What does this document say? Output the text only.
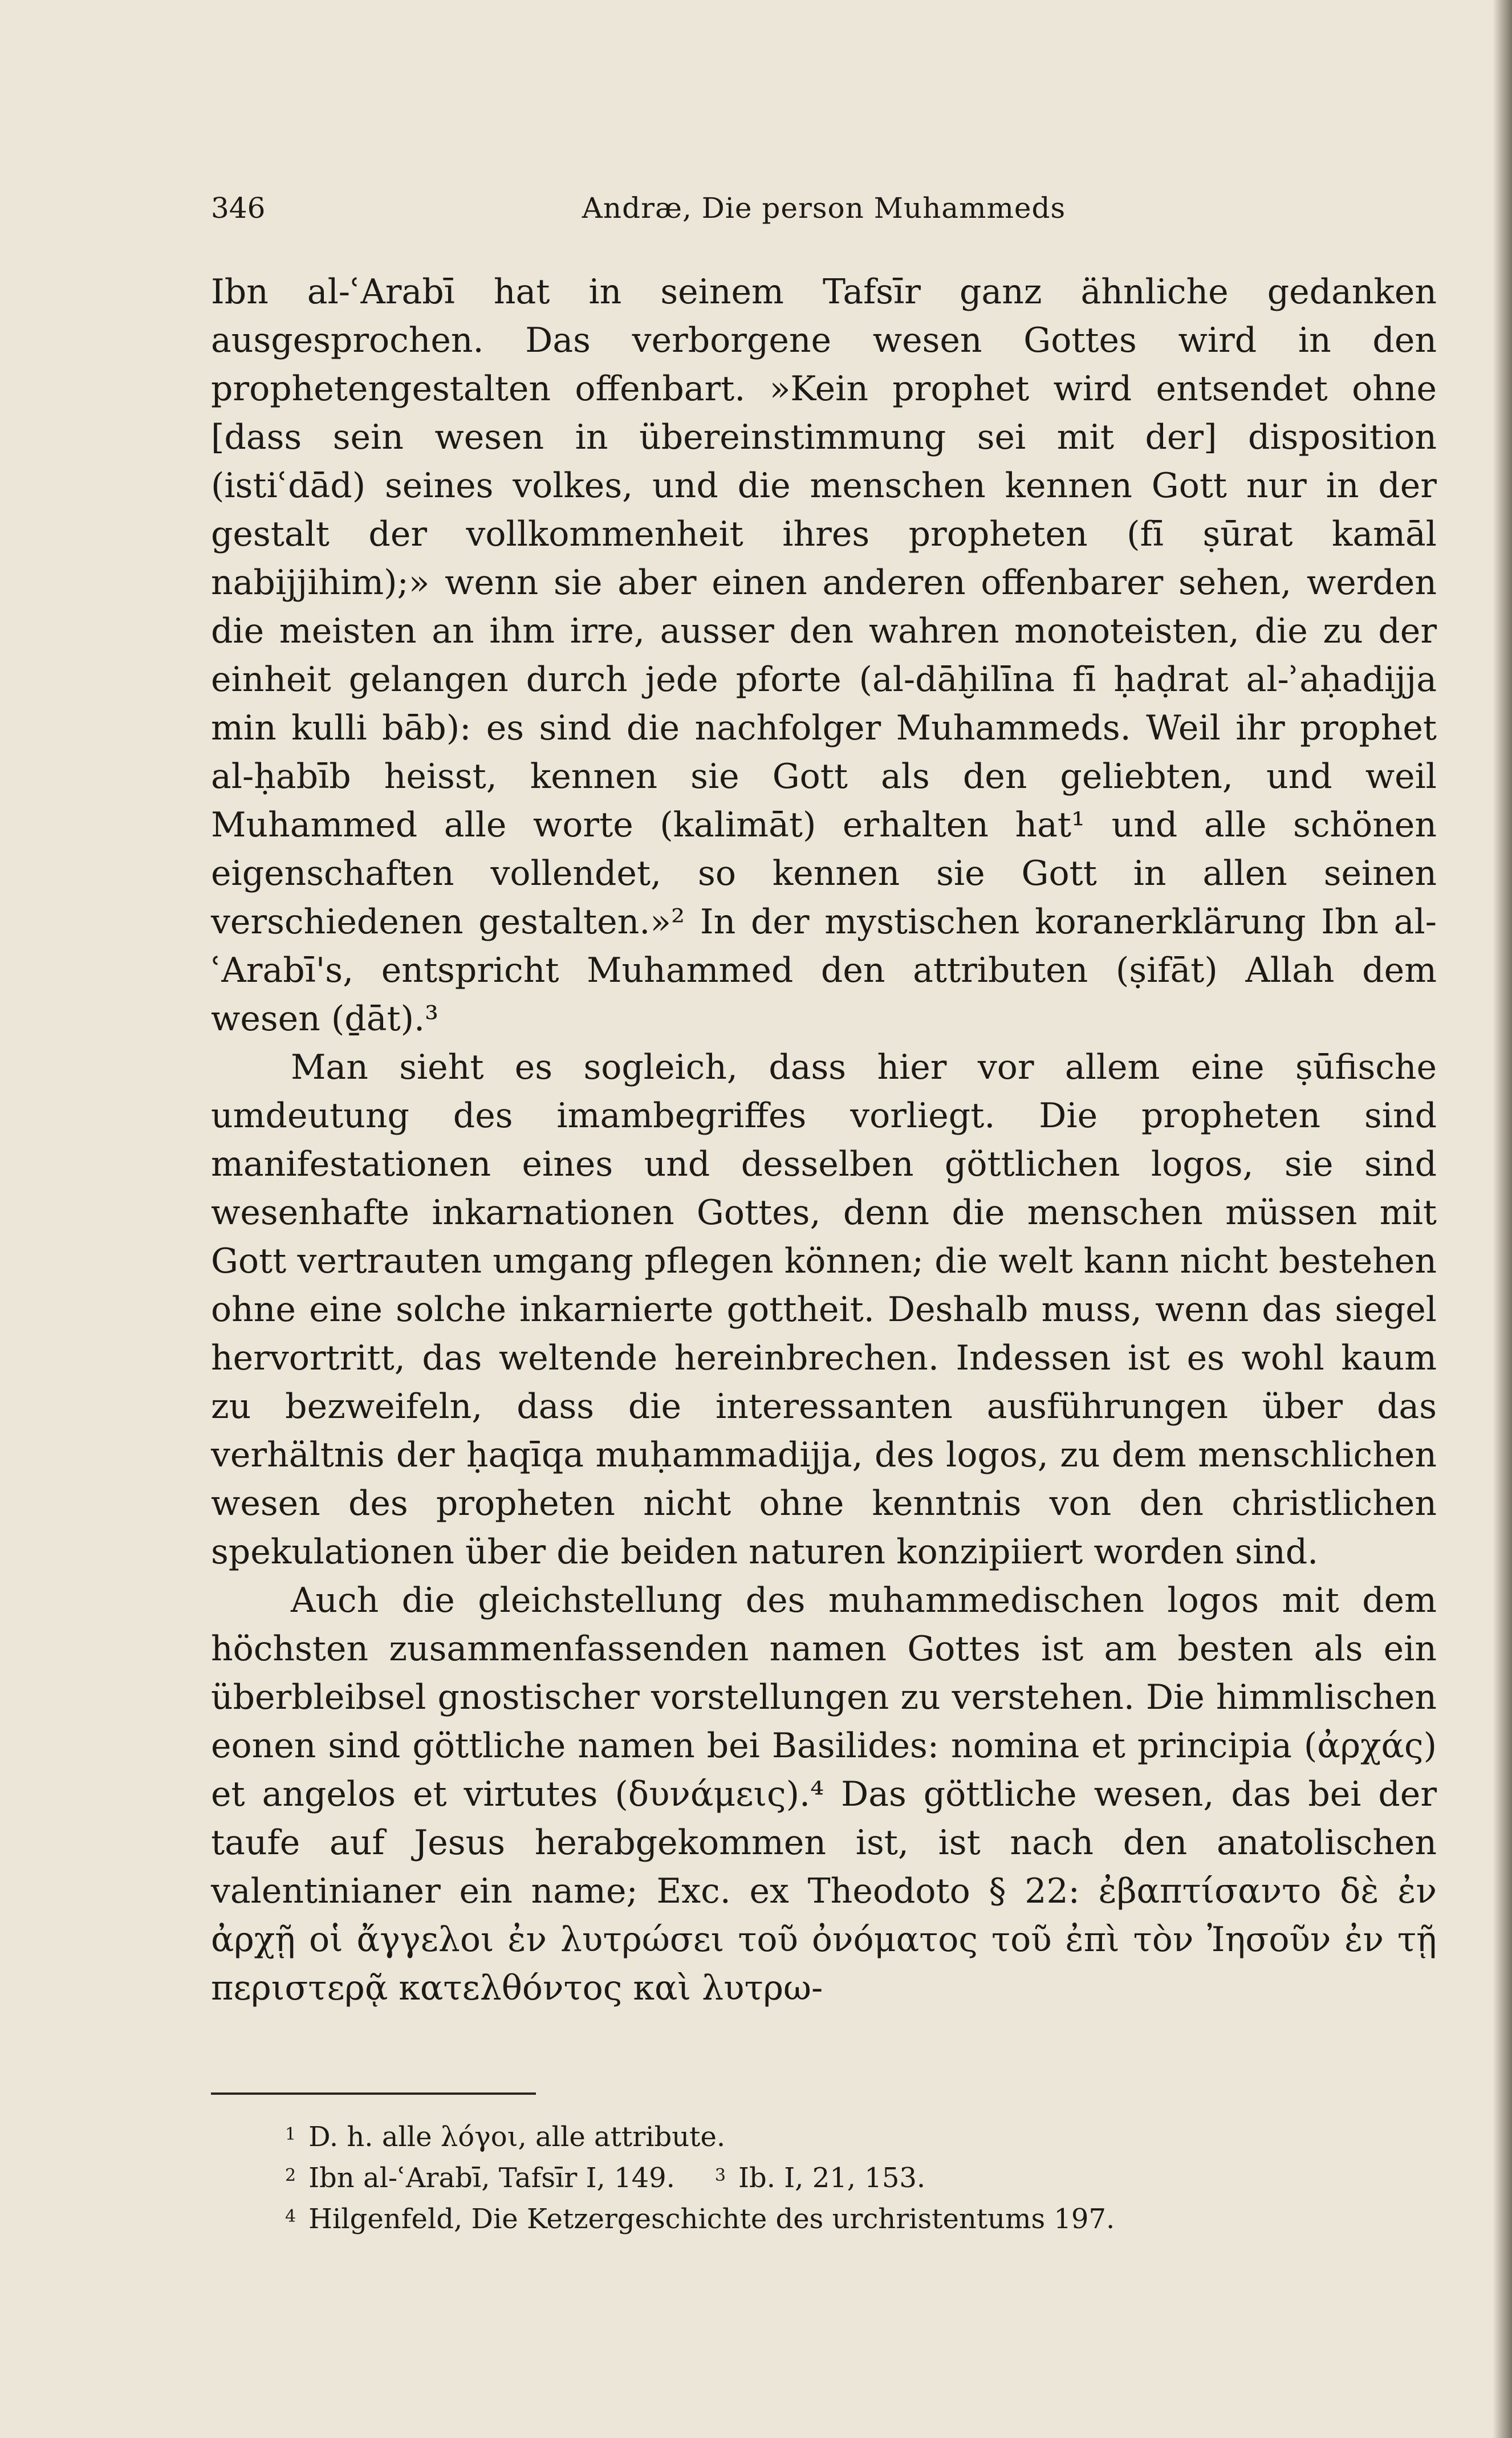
346	Andræ, Die person Muhammeds

Ibn al-ʿArabī hat in seinem Tafsīr ganz ähnliche gedanken ausgesprochen. Das verborgene wesen Gottes wird in den prophetengestalten offenbart. »Kein prophet wird entsendet ohne [dass sein wesen in übereinstimmung sei mit der] disposition (istiʿdād) seines volkes, und die menschen kennen Gott nur in der gestalt der vollkommenheit ihres propheten (fī ṣūrat kamāl nabijjihim);» wenn sie aber einen anderen offenbarer sehen, werden die meisten an ihm irre, ausser den wahren monoteisten, die zu der einheit gelangen durch jede pforte (al-dāḫilīna fī ḥaḍrat al-ʾaḥadijja min kulli bāb): es sind die nachfolger Muhammeds. Weil ihr prophet al-ḥabīb heisst, kennen sie Gott als den geliebten, und weil Muhammed alle worte (kalimāt) erhalten hat¹ und alle schönen eigenschaften vollendet, so kennen sie Gott in allen seinen verschiedenen gestalten.»² In der mystischen koranerklärung Ibn al-ʿArabī's, entspricht Muhammed den attributen (ṣifāt) Allah dem wesen (ḏāt).³

Man sieht es sogleich, dass hier vor allem eine ṣūfische umdeutung des imambegriffes vorliegt. Die propheten sind manifestationen eines und desselben göttlichen logos, sie sind wesenhafte inkarnationen Gottes, denn die menschen müssen mit Gott vertrauten umgang pflegen können; die welt kann nicht bestehen ohne eine solche inkarnierte gottheit. Deshalb muss, wenn das siegel hervortritt, das weltende hereinbrechen. Indessen ist es wohl kaum zu bezweifeln, dass die interessanten ausführungen über das verhältnis der ḥaqīqa muḥammadijja, des logos, zu dem menschlichen wesen des propheten nicht ohne kenntnis von den christlichen spekulationen über die beiden naturen konzipiiert worden sind.

Auch die gleichstellung des muhammedischen logos mit dem höchsten zusammenfassenden namen Gottes ist am besten als ein überbleibsel gnostischer vorstellungen zu verstehen. Die himmlischen eonen sind göttliche namen bei Basilides: nomina et principia (ἀρχάς) et angelos et virtutes (δυνάμεις).⁴ Das göttliche wesen, das bei der taufe auf Jesus herabgekommen ist, ist nach den anatolischen valentinianer ein name; Exc. ex Theodoto § 22: ἐβαπτίσαντο δὲ ἐν ἀρχῇ οἱ ἄγγελοι ἐν λυτρώσει τοῦ ὀνόματος τοῦ ἐπὶ τὸν Ἰησοῦν ἐν τῇ περιστερᾷ κατελθόντος καὶ λυτρω-

$^1$ D. h. alle λόγοι, alle attribute.
$^2$ Ibn al-ʿArabī, Tafsīr I, 149. $^3$ Ib. I, 21, 153.
$^4$ Hilgenfeld, Die Ketzergeschichte des urchristentums 197.
